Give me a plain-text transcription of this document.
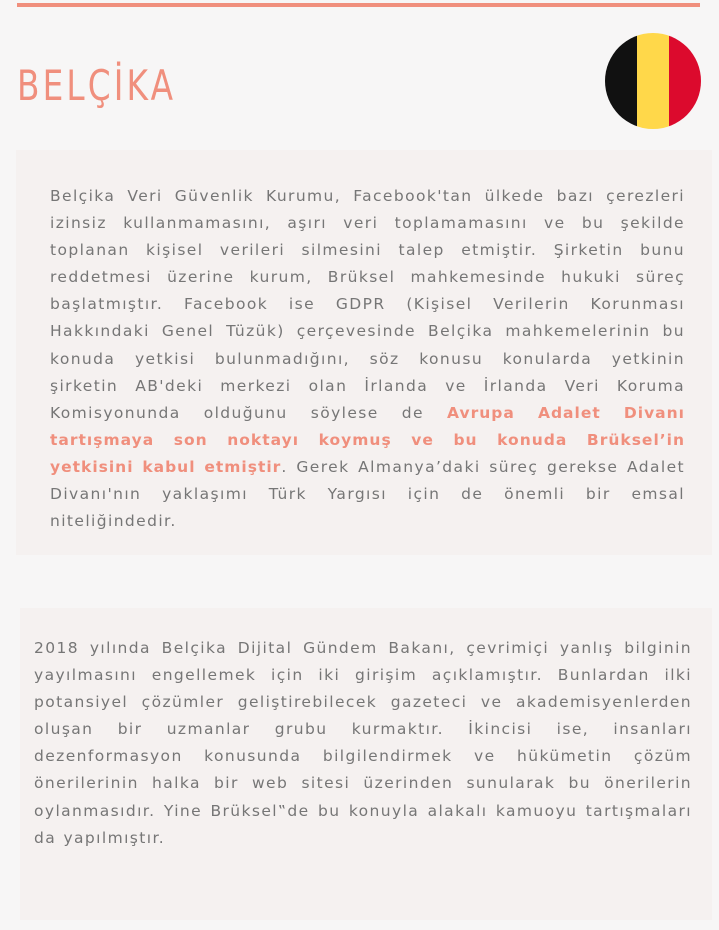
BELÇİKA

Belçika Veri Güvenlik Kurumu, Facebook'tan ülkede bazı çerezleri izinsiz kullanmamasını, aşırı veri toplamamasını ve bu şekilde toplanan kişisel verileri silmesini talep etmiştir. Şirketin bunu reddetmesi üzerine kurum, Brüksel mahkemesinde hukuki süreç başlatmıştır. Facebook ise GDPR (Kişisel Verilerin Korunması Hakkındaki Genel Tüzük) çerçevesinde Belçika mahkemelerinin bu konuda yetkisi bulunmadığını, söz konusu konularda yetkinin şirketin AB'deki merkezi olan İrlanda ve İrlanda Veri Koruma Komisyonunda olduğunu söylese de Avrupa Adalet Divanı tartışmaya son noktayı koymuş ve bu konuda Brüksel’in yetkisini kabul etmiştir. Gerek Almanya’daki süreç gerekse Adalet Divanı'nın yaklaşımı Türk Yargısı için de önemli bir emsal niteliğindedir.

2018 yılında Belçika Dijital Gündem Bakanı, çevrimiçi yanlış bilginin yayılmasını engellemek için iki girişim açıklamıştır. Bunlardan ilki potansiyel çözümler geliştirebilecek gazeteci ve akademisyenlerden oluşan bir uzmanlar grubu kurmaktır. İkincisi ise, insanları dezenformasyon konusunda bilgilendirmek ve hükümetin çözüm önerilerinin halka bir web sitesi üzerinden sunularak bu önerilerin oylanmasıdır. Yine Brüksel‟de bu konuyla alakalı kamuoyu tartışmaları da yapılmıştır.
